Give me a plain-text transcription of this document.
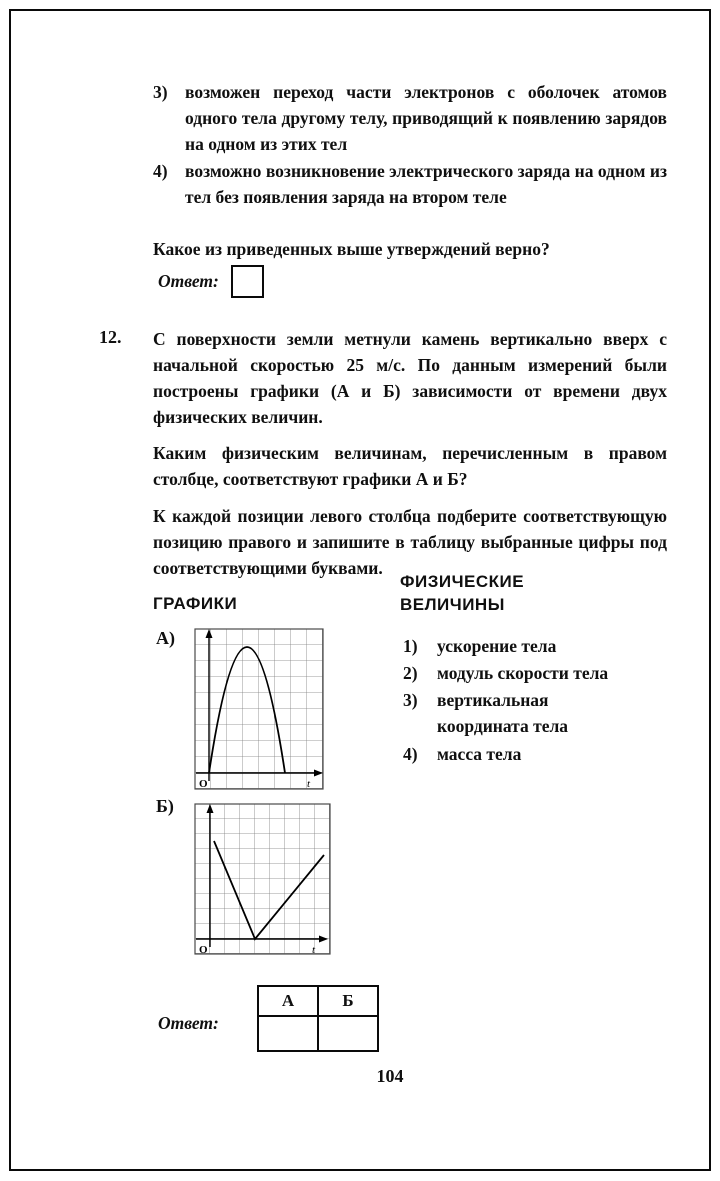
3) возможен переход части электронов с оболочек атомов одного тела другому телу, приводящий к появлению зарядов на одном из этих тел
4) возможно возникновение электрического заряда на одном из тел без появления заряда на втором теле
Какое из приведенных выше утверждений верно?
Ответ:
12. С поверхности земли метнули камень вертикально вверх с начальной скоростью 25 м/с. По данным измерений были построены графики (А и Б) зависимости от времени двух физических величин.
Каким физическим величинам, перечисленным в правом столбце, соответствуют графики А и Б?
К каждой позиции левого столбца подберите соответствующую позицию правого и запишите в таблицу выбранные цифры под соответствующими буквами.
ФИЗИЧЕСКИЕ ВЕЛИЧИНЫ
ГРАФИКИ
А)
O	t
Б)
O	t
1)	ускорение тела
2)	модуль скорости тела
3)	вертикальная координата тела
4)	масса тела
Ответ:
А	Б

104
